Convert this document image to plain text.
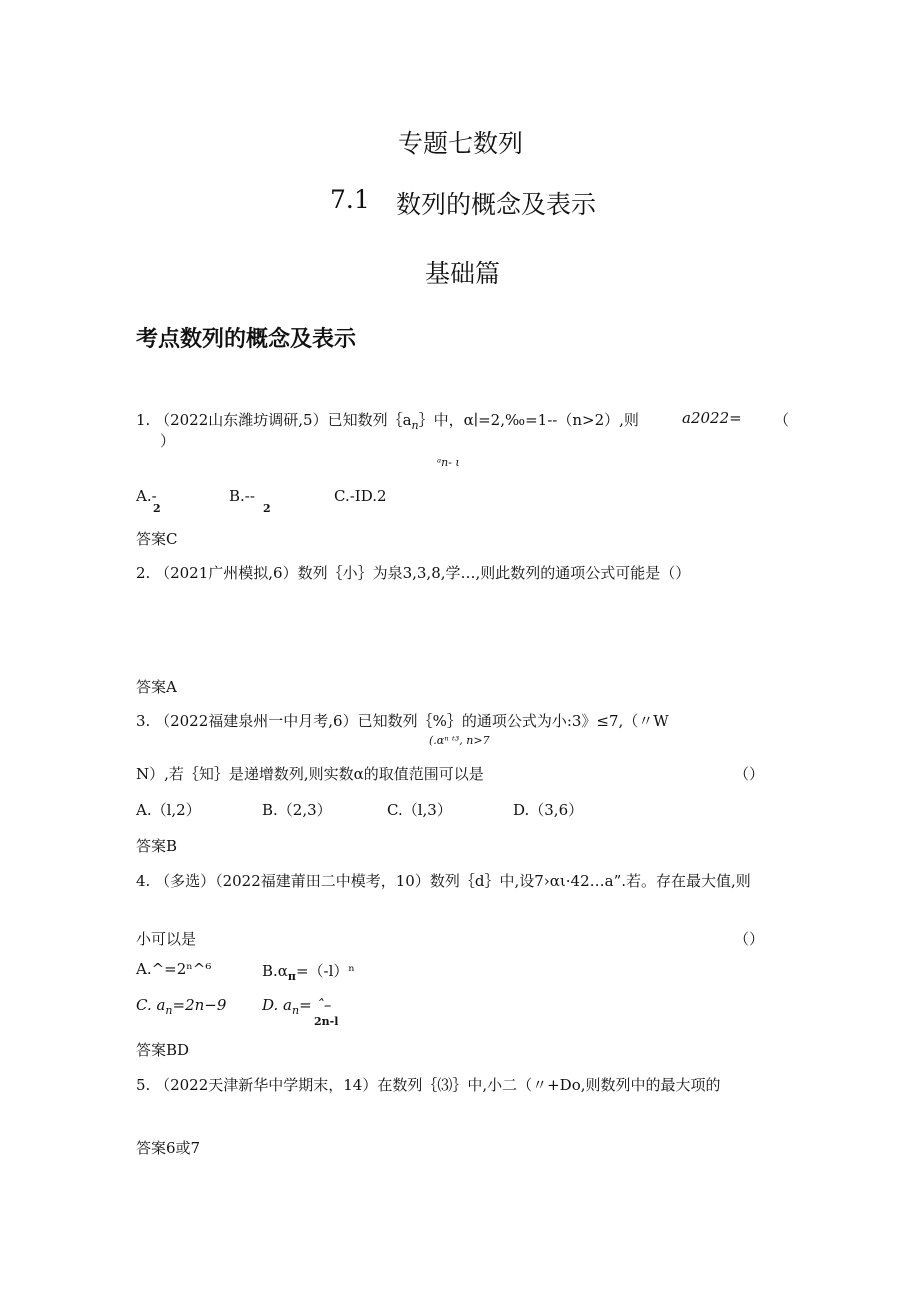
专题七数列
7.1 数列的概念及表示
基础篇
考点数列的概念及表示
1. （2022山东潍坊调研,5）已知数列$\{a_n\}$中，α∣=2,‰=1--（n>2）,则	a2022= （
）
ᵃn- ι
A.-
2
B.--
2
C.-ID.2
答案C
2. （2021广州模拟,6）数列｛小｝为泉3,3,8,学…,则此数列的通项公式可能是（）
答案A
3. （2022福建泉州一中月考,6）已知数列｛%｝的通项公式为小:3》≤7,（〃W
(.αⁿ ᵗ³, n>7
N）,若｛知｝是递增数列,则实数α的取值范围可以是	（）
A.（l,2）	B.（2,3）	C.（l,3）	D.（3,6）
答案B
4. （多选）（2022福建莆田二中模考，10）数列｛d｝中,设7›αι·42…a”.若。存在最大值,则
小可以是	（）
A.^=2ⁿ^⁶	$B.\alpha_\pi=(-l)^n$
C. $a_n=2n-9$ D. $a_n=$ ˆ–
2n-l
答案BD
5. （2022天津新华中学期末，14）在数列｛⑶｝中,小二（〃+Do,则数列中的最大项的
答案6或7
